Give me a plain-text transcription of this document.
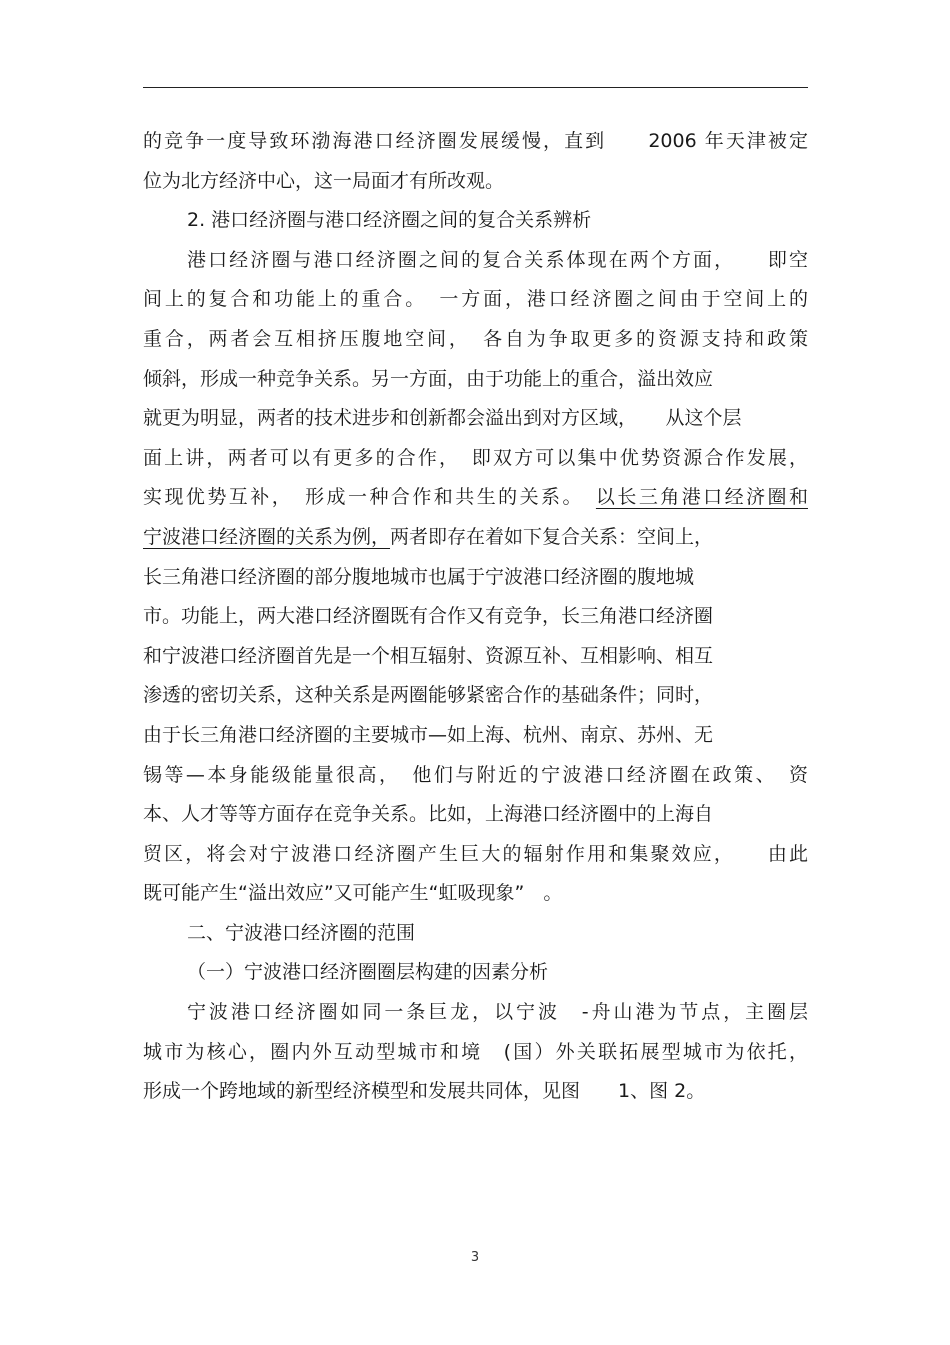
的竞争一度导致环渤海港口经济圈发展缓慢，直到　　2006 年天津被定
位为北方经济中心，这一局面才有所改观。
2. 港口经济圈与港口经济圈之间的复合关系辨析
港口经济圈与港口经济圈之间的复合关系体现在两个方面，　　即空
间上的复合和功能上的重合。　一方面，港口经济圈之间由于空间上的
重合，两者会互相挤压腹地空间，　各自为争取更多的资源支持和政策
倾斜，形成一种竞争关系。另一方面，由于功能上的重合，溢出效应
就更为明显，两者的技术进步和创新都会溢出到对方区域，　　从这个层
面上讲，两者可以有更多的合作，　即双方可以集中优势资源合作发展，
实现优势互补，　形成一种合作和共生的关系。　以长三角港口经济圈和
宁波港口经济圈的关系为例，两者即存在着如下复合关系：空间上，
长三角港口经济圈的部分腹地城市也属于宁波港口经济圈的腹地城
市。功能上，两大港口经济圈既有合作又有竞争，长三角港口经济圈
和宁波港口经济圈首先是一个相互辐射、资源互补、互相影响、相互
渗透的密切关系，这种关系是两圈能够紧密合作的基础条件；同时，
由于长三角港口经济圈的主要城市—如上海、杭州、南京、苏州、无
锡等—本身能级能量很高，　他们与附近的宁波港口经济圈在政策、　资
本、人才等等方面存在竞争关系。比如，上海港口经济圈中的上海自
贸区，将会对宁波港口经济圈产生巨大的辐射作用和集聚效应，　　由此
既可能产生“溢出效应”又可能产生“虹吸现象”　。
二、宁波港口经济圈的范围
（一）宁波港口经济圈圈层构建的因素分析
宁波港口经济圈如同一条巨龙，以宁波　-舟山港为节点，主圈层
城市为核心，圈内外互动型城市和境　(国）外关联拓展型城市为依托，
形成一个跨地域的新型经济模型和发展共同体，见图　　1、图 2。
3
